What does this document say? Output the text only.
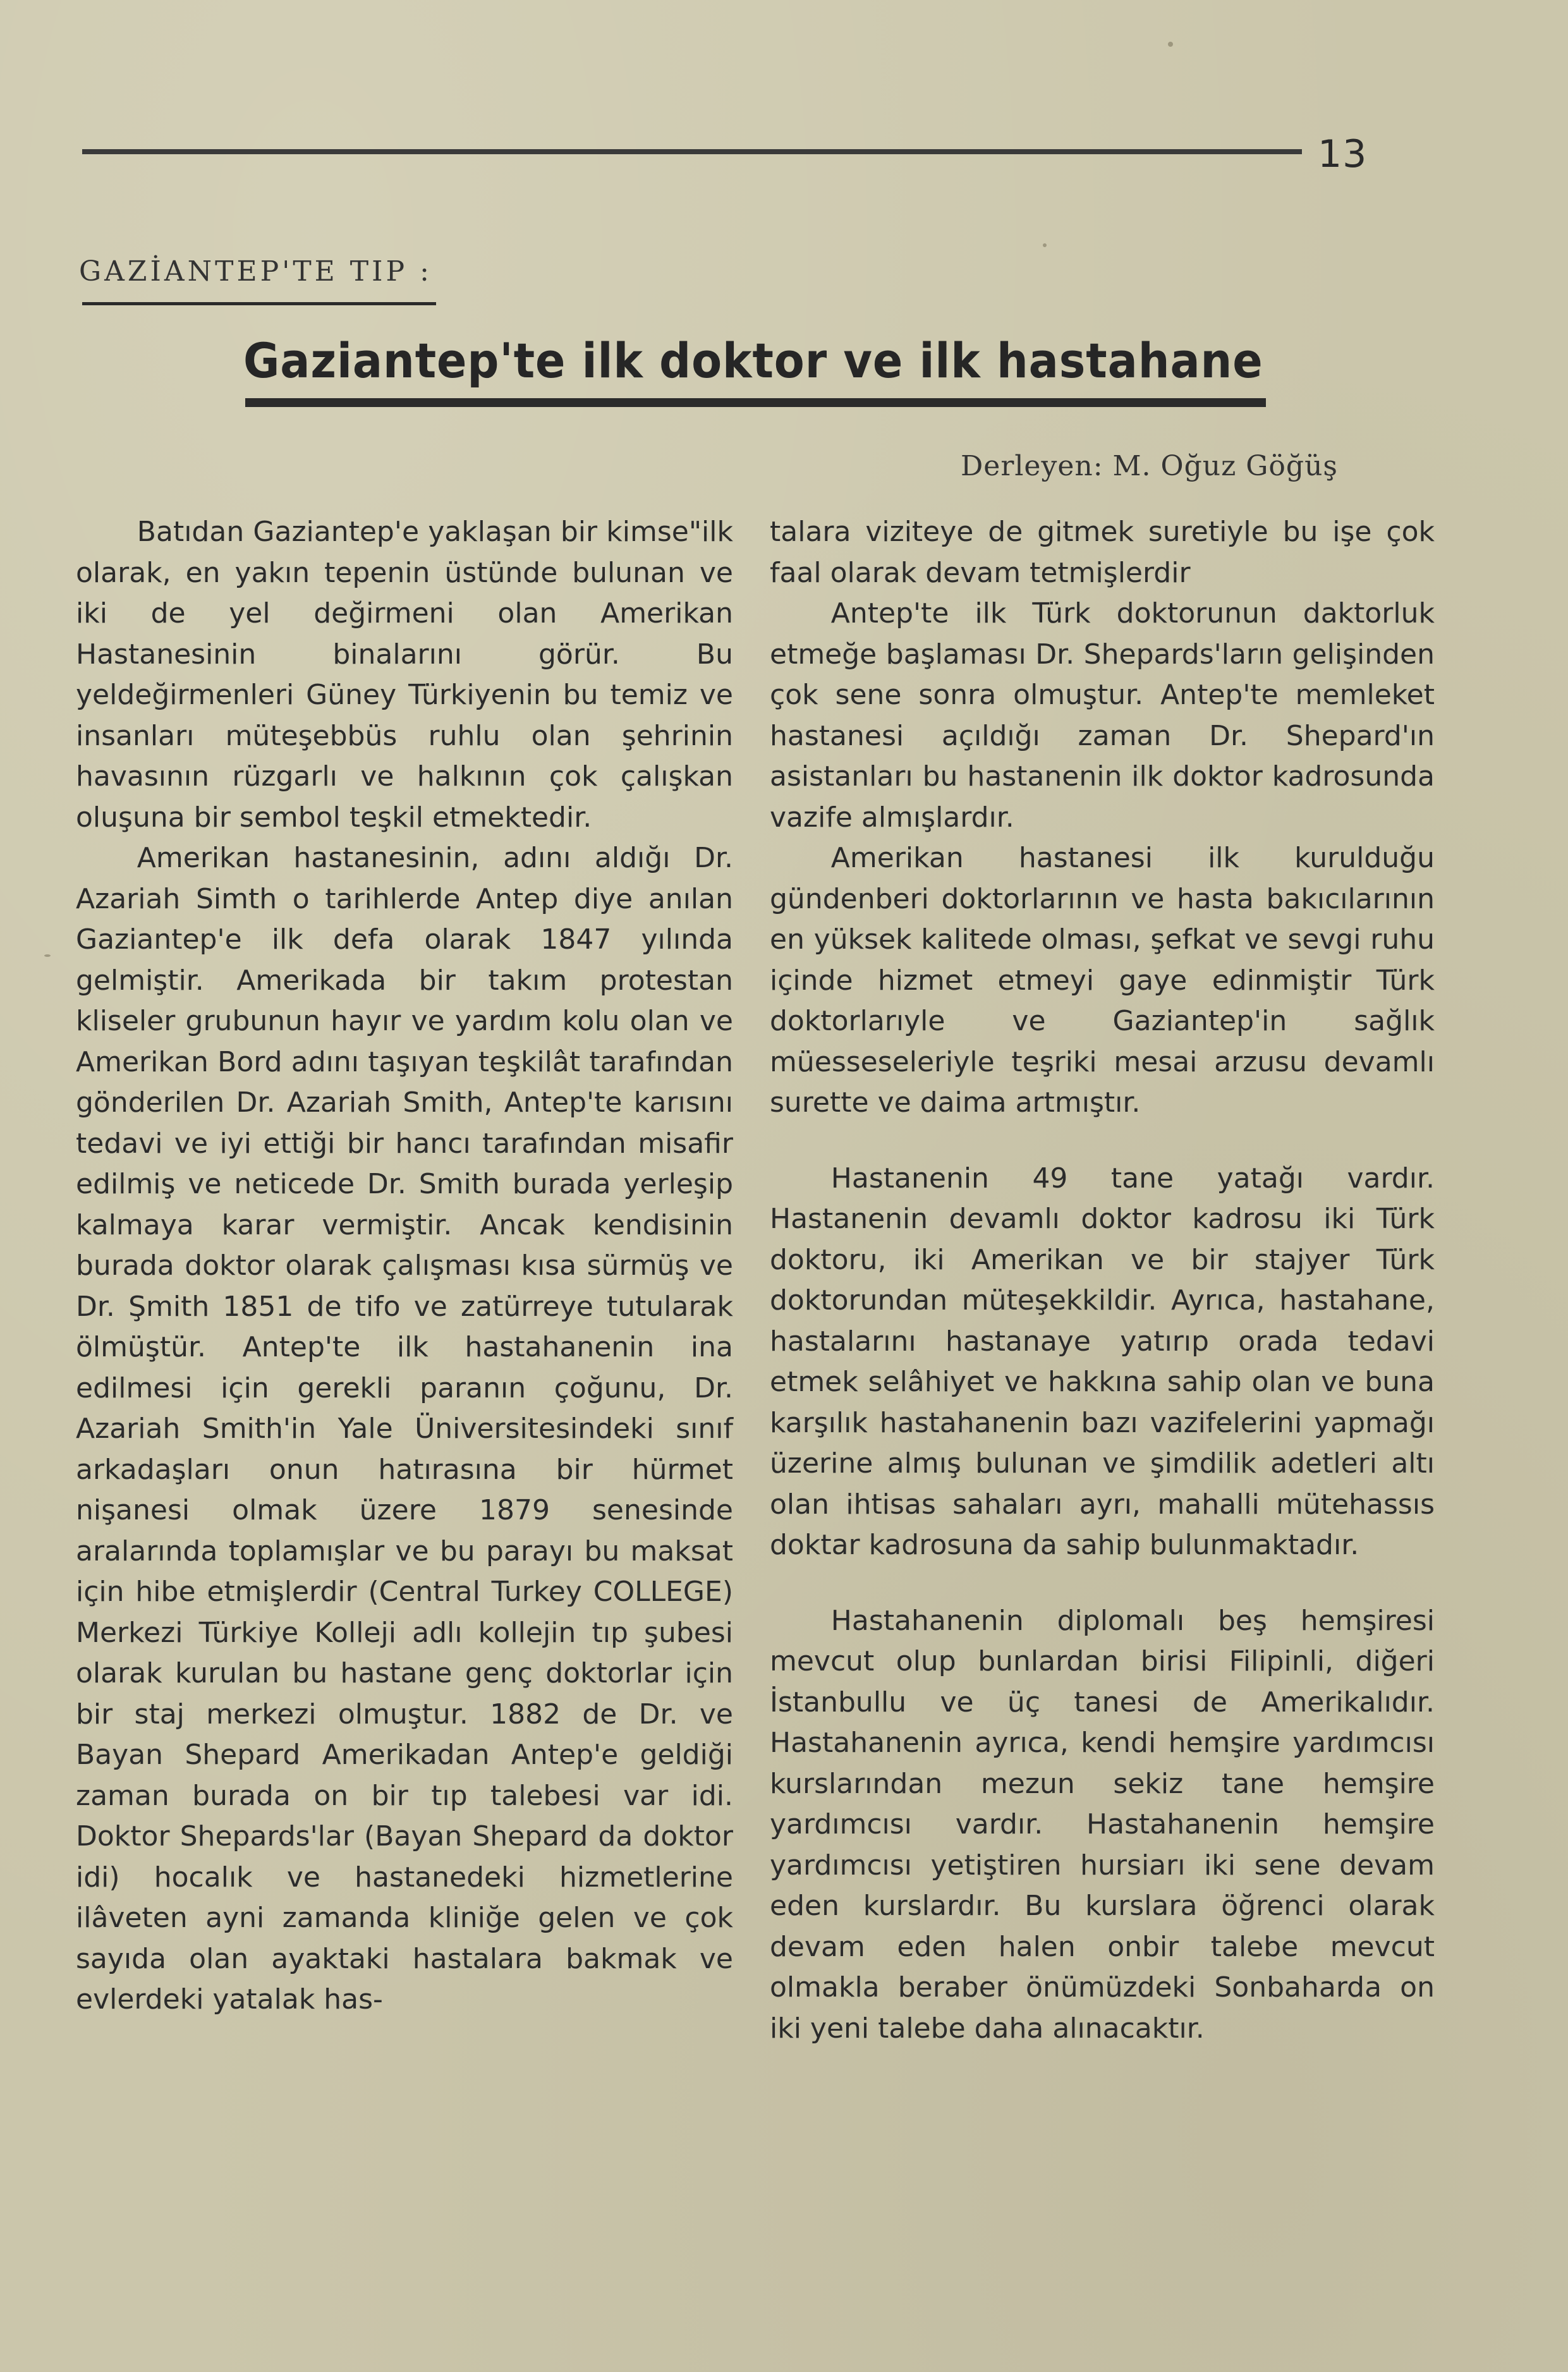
13
GAZİANTEP'TE TIP :
Gaziantep'te ilk doktor ve ilk hastahane
Derleyen: M. Oğuz Göğüş

Batıdan Gaziantep'e yaklaşan bir kimse"ilk olarak, en yakın tepenin üstünde bulunan ve iki de yel değirmeni olan Amerikan Hastanesinin binalarını görür. Bu yeldeğirmenleri Güney Türkiyenin bu temiz ve insanları müteşebbüs ruhlu olan şehrinin havasının rüzgarlı ve halkının çok çalışkan oluşuna bir sembol teşkil etmektedir.

Amerikan hastanesinin, adını aldığı Dr. Azariah Simth o tarihlerde Antep diye anılan Gaziantep'e ilk defa olarak 1847 yılında gelmiştir. Amerikada bir takım protestan kliseler grubunun hayır ve yardım kolu olan ve Amerikan Bord adını taşıyan teşkilât tarafından gönderilen Dr. Azariah Smith, Antep'te karısını tedavi ve iyi ettiği bir hancı tarafından misafir edilmiş ve neticede Dr. Smith burada yerleşip kalmaya karar vermiştir. Ancak kendisinin burada doktor olarak çalışması kısa sürmüş ve Dr. Şmith 1851 de tifo ve zatürreye tutularak ölmüştür. Antep'te ilk hastahanenin ina edilmesi için gerekli paranın çoğunu, Dr. Azariah Smith'in Yale Üniversitesindeki sınıf arkadaşları onun hatırasına bir hürmet nişanesi olmak üzere 1879 senesinde aralarında toplamışlar ve bu parayı bu maksat için hibe etmişlerdir (Central Turkey COLLEGE) Merkezi Türkiye Kolleji adlı kollejin tıp şubesi olarak kurulan bu hastane genç doktorlar için bir staj merkezi olmuştur. 1882 de Dr. ve Bayan Shepard Amerikadan Antep'e geldiği zaman burada on bir tıp talebesi var idi. Doktor Shepards'lar (Bayan Shepard da doktor idi) hocalık ve hastanedeki hizmetlerine ilâveten ayni zamanda kliniğe gelen ve çok sayıda olan ayaktaki hastalara bakmak ve evlerdeki yatalak has-

talara viziteye de gitmek suretiyle bu işe çok faal olarak devam tetmişlerdir

Antep'te ilk Türk doktorunun daktorluk etmeğe başlaması Dr. Shepards'ların gelişinden çok sene sonra olmuştur. Antep'te memleket hastanesi açıldığı zaman Dr. Shepard'ın asistanları bu hastanenin ilk doktor kadrosunda vazife almışlardır.

Amerikan hastanesi ilk kurulduğu gündenberi doktorlarının ve hasta bakıcılarının en yüksek kalitede olması, şefkat ve sevgi ruhu içinde hizmet etmeyi gaye edinmiştir Türk doktorlarıyle ve Gaziantep'in sağlık müesseseleriyle teşriki mesai arzusu devamlı surette ve daima artmıştır.

Hastanenin 49 tane yatağı vardır. Hastanenin devamlı doktor kadrosu iki Türk doktoru, iki Amerikan ve bir stajyer Türk doktorundan müteşekkildir. Ayrıca, hastahane, hastalarını hastanaye yatırıp orada tedavi etmek selâhiyet ve hakkına sahip olan ve buna karşılık hastahanenin bazı vazifelerini yapmağı üzerine almış bulunan ve şimdilik adetleri altı olan ihtisas sahaları ayrı, mahalli mütehassıs doktar kadrosuna da sahip bulunmaktadır.

Hastahanenin diplomalı beş hemşiresi mevcut olup bunlardan birisi Filipinli, diğeri İstanbullu ve üç tanesi de Amerikalıdır. Hastahanenin ayrıca, kendi hemşire yardımcısı kurslarından mezun sekiz tane hemşire yardımcısı vardır. Hastahanenin hemşire yardımcısı yetiştiren hursiarı iki sene devam eden kurslardır. Bu kurslara öğrenci olarak devam eden halen onbir talebe mevcut olmakla beraber önümüzdeki Sonbaharda on iki yeni talebe daha alınacaktır.
